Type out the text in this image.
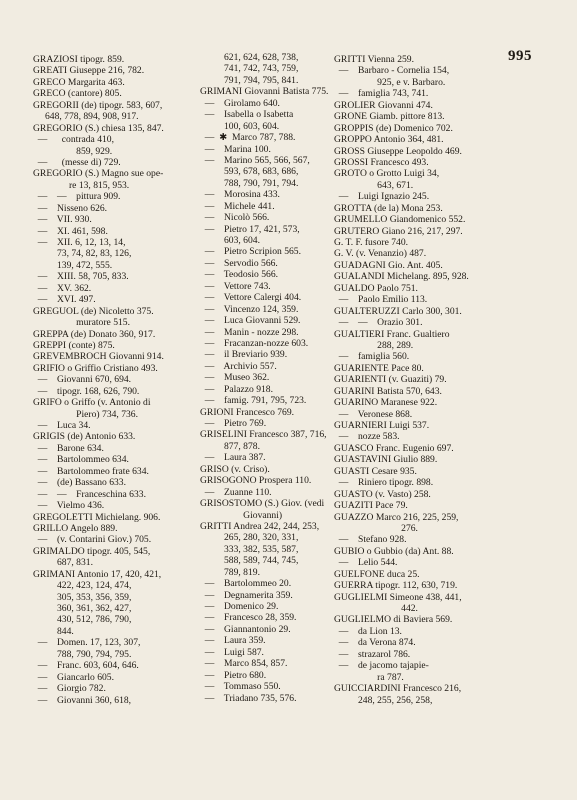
995
GRAZIOSI tipogr. 859.
GREATI Giuseppe 216, 782.
GRECO Margarita 463.
GRECO (cantore) 805.
GREGORII (de) tipogr. 583, 607,
648, 778, 894, 908, 917.
GREGORIO (S.) chiesa 135, 847.
—      contrada 410,
859, 929.
—      (messe di) 729.
GREGORIO (S.) Magno sue ope-
re 13, 815, 953.
—    —    pittura 909.
—    Nisseno 626.
—    VII. 930.
—    XI. 461, 598.
—    XII. 6, 12, 13, 14,
73, 74, 82, 83, 126,
139, 472, 555.
—    XIII. 58, 705, 833.
—    XV. 362.
—    XVI. 497.
GREGUOL (de) Nicoletto 375.
muratore 515.
GREPPA (de) Donato 360, 917.
GREPPI (conte) 875.
GREVEMBROCH Giovanni 914.
GRIFIO o Griffio Cristiano 493.
—    Giovanni 670, 694.
—    tipogr. 168, 626, 790.
GRIFO o Griffo (v. Antonio di
Piero) 734, 736.
—    Luca 34.
GRIGIS (de) Antonio 633.
—    Barone 634.
—    Bartolommeo 634.
—    Bartolommeo frate 634.
—    (de) Bassano 633.
—    —    Franceschina 633.
—    Vielmo 436.
GREGOLETTI Michielang. 906.
GRILLO Angelo 889.
—    (v. Contarini Giov.) 705.
GRIMALDO tipogr. 405, 545,
687, 831.
GRIMANI Antonio 17, 420, 421,
422, 423, 124, 474,
305, 353, 356, 359,
360, 361, 362, 427,
430, 512, 786, 790,
844.
—    Domen. 17, 123, 307,
788, 790, 794, 795.
—    Franc. 603, 604, 646.
—    Giancarlo 605.
—    Giorgio 782.
—    Giovanni 360, 618,
621, 624, 628, 738,
741, 742, 743, 759,
791, 794, 795, 841.
GRIMANI Giovanni Batista 775.
—    Girolamo 640.
—    Isabella o Isabetta
100, 603, 604.
—  ✱  Marco 787, 788.
—    Marina 100.
—    Marino 565, 566, 567,
593, 678, 683, 686,
788, 790, 791, 794.
—    Morosina 433.
—    Michele 441.
—    Nicolò 566.
—    Pietro 17, 421, 573,
603, 604.
—    Pietro Scripion 565.
—    Servodio 566.
—    Teodosio 566.
—    Vettore 743.
—    Vettore Calergi 404.
—    Vincenzo 124, 359.
—    Luca Giovanni 529.
—    Manin - nozze 298.
—    Fracanzan-nozze 603.
—    il Breviario 939.
—    Archivio 557.
—    Museo 362.
—    Palazzo 918.
—    famig. 791, 795, 723.
GRIONI Francesco 769.
—    Pietro 769.
GRISELINI Francesco 387, 716,
877, 878.
—    Laura 387.
GRISO (v. Criso).
GRISOGONO Prospera 110.
—    Zuanne 110.
GRISOSTOMO (S.) Giov. (vedi
Giovanni)
GRITTI Andrea 242, 244, 253,
265, 280, 320, 331,
333, 382, 535, 587,
588, 589, 744, 745,
789, 819.
—    Bartolommeo 20.
—    Degnamerita 359.
—    Domenico 29.
—    Francesco 28, 359.
—    Giannantonio 29.
—    Laura 359.
—    Luigi 587.
—    Marco 854, 857.
—    Pietro 680.
—    Tommaso 550.
—    Triadano 735, 576.
GRITTI Vienna 259.
—    Barbaro - Cornelia 154,
925, e v. Barbaro.
—    famiglia 743, 741.
GROLIER Giovanni 474.
GRONE Giamb. pittore 813.
GROPPIS (de) Domenico 702.
GROPPO Antonio 364, 481.
GROSS Giuseppe Leopoldo 469.
GROSSI Francesco 493.
GROTO o Grotto Luigi 34,
643, 671.
—    Luigi Ignazio 245.
GROTTA (de la) Mona 253.
GRUMELLO Giandomenico 552.
GRUTERO Giano 216, 217, 297.
G. T. F. fusore 740.
G. V. (v. Venanzio) 487.
GUADAGNI Gio. Ant. 405.
GUALANDI Michelang. 895, 928.
GUALDO Paolo 751.
—    Paolo Emilio 113.
GUALTERUZZI Carlo 300, 301.
—    —    Orazio 301.
GUALTIERI Franc. Gualtiero
288, 289.
—    famiglia 560.
GUARIENTE Pace 80.
GUARIENTI (v. Guaziti) 79.
GUARINI Batista 570, 643.
GUARINO Maranese 922.
—    Veronese 868.
GUARNIERI Luigi 537.
—    nozze 583.
GUASCO Franc. Eugenio 697.
GUASTAVINI Giulio 889.
GUASTI Cesare 935.
—    Riniero tipogr. 898.
GUASTO (v. Vasto) 258.
GUAZITI Pace 79.
GUAZZO Marco 216, 225, 259,
276.
—    Stefano 928.
GUBIO o Gubbio (da) Ant. 88.
—    Lelio 544.
GUELFONE duca 25.
GUERRA tipogr. 112, 630, 719.
GUGLIELMI Simeone 438, 441,
442.
GUGLIELMO di Baviera 569.
—    da Lion 13.
—    da Verona 874.
—    strazarol 786.
—    de jacomo tajapie-
ra 787.
GUICCIARDINI Francesco 216,
248, 255, 256, 258,
